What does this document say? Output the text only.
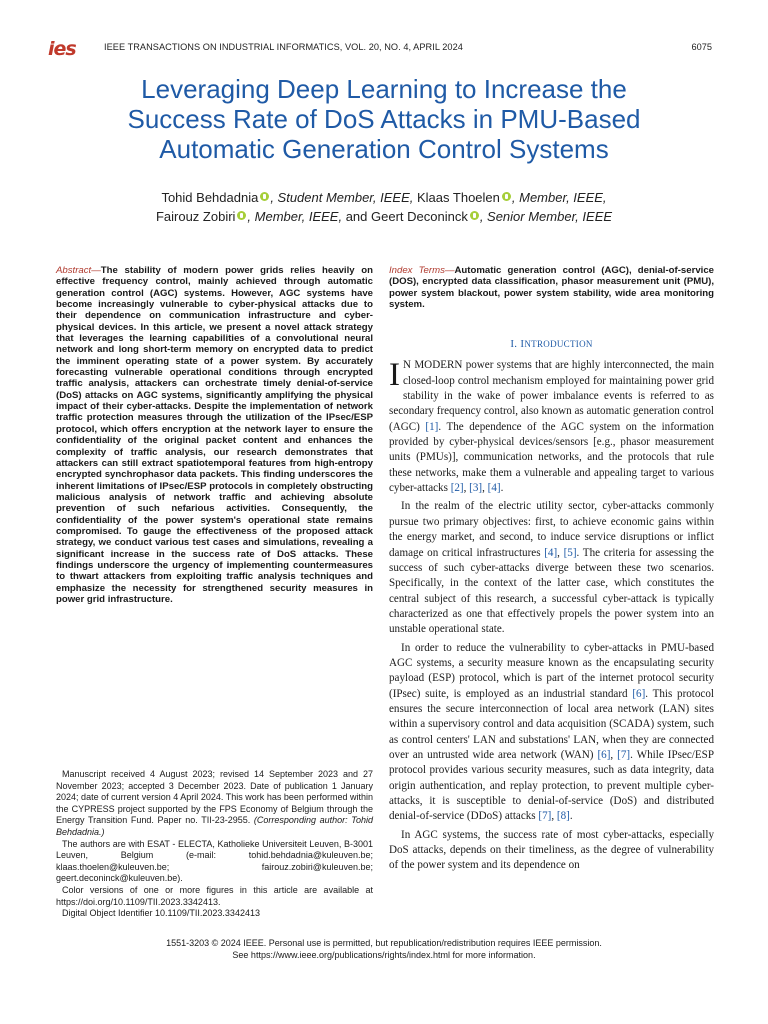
ies	IEEE TRANSACTIONS ON INDUSTRIAL INFORMATICS, VOL. 20, NO. 4, APRIL 2024	6075
Leveraging Deep Learning to Increase the
Success Rate of DoS Attacks in PMU-Based
Automatic Generation Control Systems
Tohid Behdadnia , Student Member, IEEE, Klaas Thoelen , Member, IEEE,
Fairouz Zobiri , Member, IEEE, and Geert Deconinck , Senior Member, IEEE

Abstract—The stability of modern power grids relies heavily on effective frequency control, mainly achieved through automatic generation control (AGC) systems. However, AGC systems have become increasingly vulnerable to cyber-physical attacks due to their dependence on communication infrastructure and cyber-physical devices. In this article, we present a novel attack strategy that leverages the learning capabilities of a convolutional neural network and long short-term memory on encrypted data to predict the imminent operating state of a power system. By accurately forecasting vulnerable operational conditions through encrypted traffic analysis, attackers can orchestrate timely denial-of-service (DoS) attacks on AGC systems, significantly amplifying the physical impact of their cyber-attacks. Despite the implementation of network traffic protection measures through the utilization of the IPsec/ESP protocol, which offers encryption at the network layer to ensure the confidentiality of the original packet content and enhances the complexity of traffic analysis, our research demonstrates that attackers can still extract spatiotemporal features from high-entropy encrypted synchrophasor data packets. This finding underscores the inherent limitations of IPsec/ESP protocols in completely obstructing malicious analysis of network traffic and achieving absolute prevention of such nefarious activities. Consequently, the confidentiality of the power system's operational state remains compromised. To gauge the effectiveness of the proposed attack strategy, we conduct various test cases and simulations, revealing a significant increase in the success rate of DoS attacks. These findings underscore the urgency of implementing countermeasures to thwart attackers from exploiting traffic analysis techniques and emphasize the necessity for strengthened security measures in power grid infrastructure.

Index Terms—Automatic generation control (AGC), denial-of-service (DOS), encrypted data classification, phasor measurement unit (PMU), power system blackout, power system stability, wide area monitoring system.

I. INTRODUCTION

I N MODERN power systems that are highly interconnected, the main closed-loop control mechanism employed for maintaining power grid stability in the wake of power imbalance events is referred to as secondary frequency control, also known as automatic generation control (AGC) [1]. The dependence of the AGC system on the information provided by cyber-physical devices/sensors [e.g., phasor measurement units (PMUs)], communication networks, and the protocols that rule these networks, make them a vulnerable and appealing target to various cyber-attacks [2], [3], [4].

In the realm of the electric utility sector, cyber-attacks commonly pursue two primary objectives: first, to achieve economic gains within the energy market, and second, to induce service disruptions or inflict damage on critical infrastructures [4], [5]. The criteria for assessing the success of such cyber-attacks diverge between these two scenarios. Specifically, in the context of the latter case, which constitutes the central subject of this research, a successful cyber-attack is typically characterized as one that effectively propels the power system into an unstable operational state.

In order to reduce the vulnerability to cyber-attacks in PMU-based AGC systems, a security measure known as the encapsulating security payload (ESP) protocol, which is part of the internet protocol security (IPsec) suite, is employed as an industrial standard [6]. This protocol ensures the secure interconnection of local area network (LAN) sites within a supervisory control and data acquisition (SCADA) system, such as control centers' LAN and substations' LAN, when they are connected over an untrusted wide area network (WAN) [6], [7]. While IPsec/ESP protocol provides various security measures, such as data integrity, data origin authentication, and replay protection, to prevent multiple cyber-attacks, it is susceptible to denial-of-service (DoS) and distributed denial-of-service (DDoS) attacks [7], [8].

In AGC systems, the success rate of most cyber-attacks, especially DoS attacks, depends on their timeliness, as the degree of vulnerability of the power system and its dependence on

Manuscript received 4 August 2023; revised 14 September 2023 and 27 November 2023; accepted 3 December 2023. Date of publication 1 January 2024; date of current version 4 April 2024. This work has been performed within the CYPRESS project supported by the FPS Economy of Belgium through the Energy Transition Fund. Paper no. TII-23-2955. (Corresponding author: Tohid Behdadnia.)

The authors are with ESAT - ELECTA, Katholieke Universiteit Leuven, B-3001 Leuven, Belgium (e-mail: tohid.behdadnia@kuleuven.be; klaas.thoelen@kuleuven.be; fairouz.zobiri@kuleuven.be; geert.deconinck@kuleuven.be).

Color versions of one or more figures in this article are available at https://doi.org/10.1109/TII.2023.3342413.

Digital Object Identifier 10.1109/TII.2023.3342413

1551-3203 © 2024 IEEE. Personal use is permitted, but republication/redistribution requires IEEE permission.
See https://www.ieee.org/publications/rights/index.html for more information.
